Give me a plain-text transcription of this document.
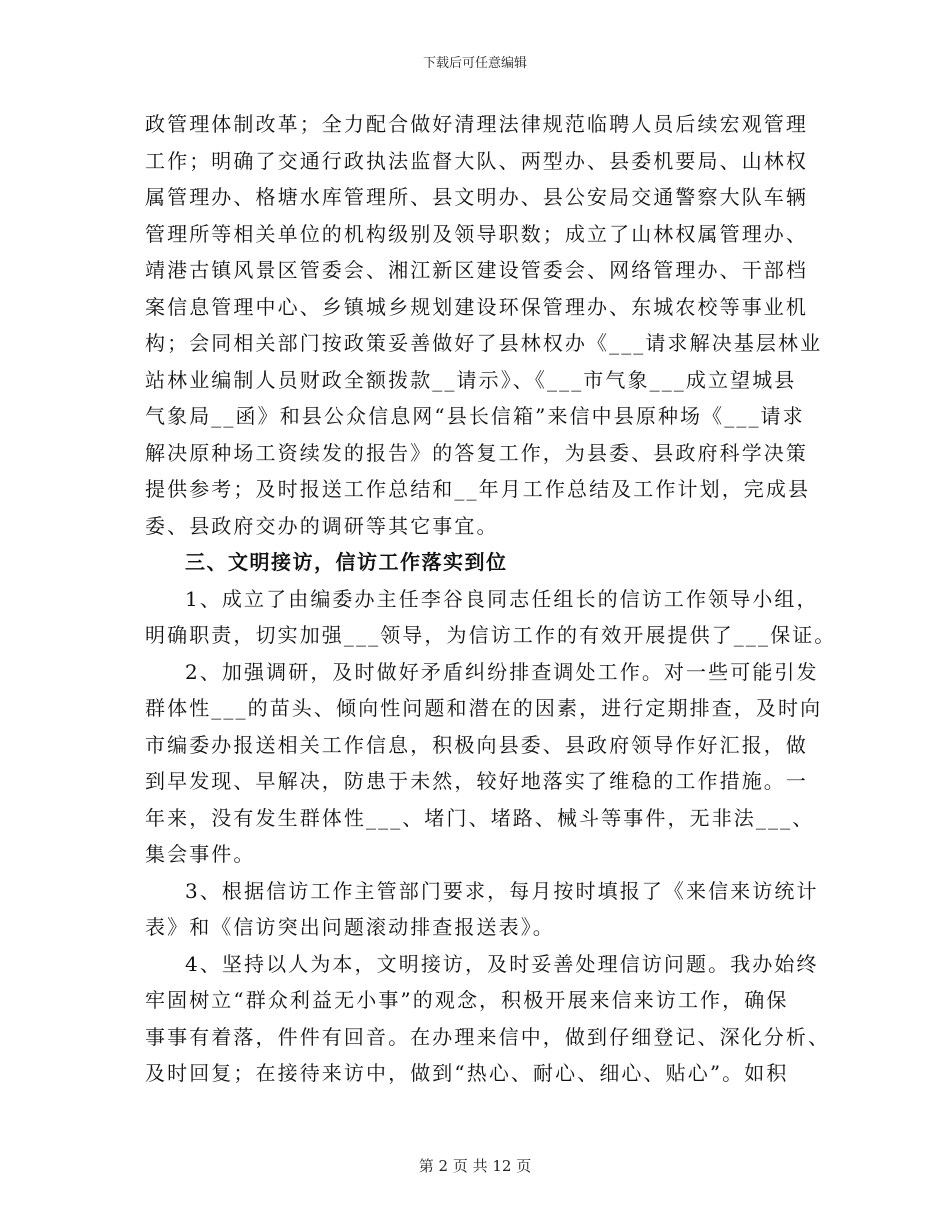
下载后可任意编辑
政管理体制改革；全力配合做好清理法律规范临聘人员后续宏观管理
工作；明确了交通行政执法监督大队、两型办、县委机要局、山林权
属管理办、格塘水库管理所、县文明办、县公安局交通警察大队车辆
管理所等相关单位的机构级别及领导职数；成立了山林权属管理办、
靖港古镇风景区管委会、湘江新区建设管委会、网络管理办、干部档
案信息管理中心、乡镇城乡规划建设环保管理办、东城农校等事业机
构；会同相关部门按政策妥善做好了县林权办《___请求解决基层林业
站林业编制人员财政全额拨款__请示》、《___市气象___成立望城县
气象局__函》和县公众信息网“县长信箱”来信中县原种场《___请求
解决原种场工资续发的报告》的答复工作，为县委、县政府科学决策
提供参考；及时报送工作总结和__年月工作总结及工作计划，完成县
委、县政府交办的调研等其它事宜。
三、文明接访，信访工作落实到位
1、成立了由编委办主任李谷良同志任组长的信访工作领导小组，
明确职责，切实加强___领导，为信访工作的有效开展提供了___保证。
2、加强调研，及时做好矛盾纠纷排查调处工作。对一些可能引发
群体性___的苗头、倾向性问题和潜在的因素，进行定期排查，及时向
市编委办报送相关工作信息，积极向县委、县政府领导作好汇报，做
到早发现、早解决，防患于未然，较好地落实了维稳的工作措施。一
年来，没有发生群体性___、堵门、堵路、械斗等事件，无非法___、
集会事件。
3、根据信访工作主管部门要求，每月按时填报了《来信来访统计
表》和《信访突出问题滚动排查报送表》。
4、坚持以人为本，文明接访，及时妥善处理信访问题。我办始终
牢固树立“群众利益无小事”的观念，积极开展来信来访工作，确保
事事有着落，件件有回音。在办理来信中，做到仔细登记、深化分析、
及时回复；在接待来访中，做到“热心、耐心、细心、贴心”。如积
第 2 页 共 12 页
